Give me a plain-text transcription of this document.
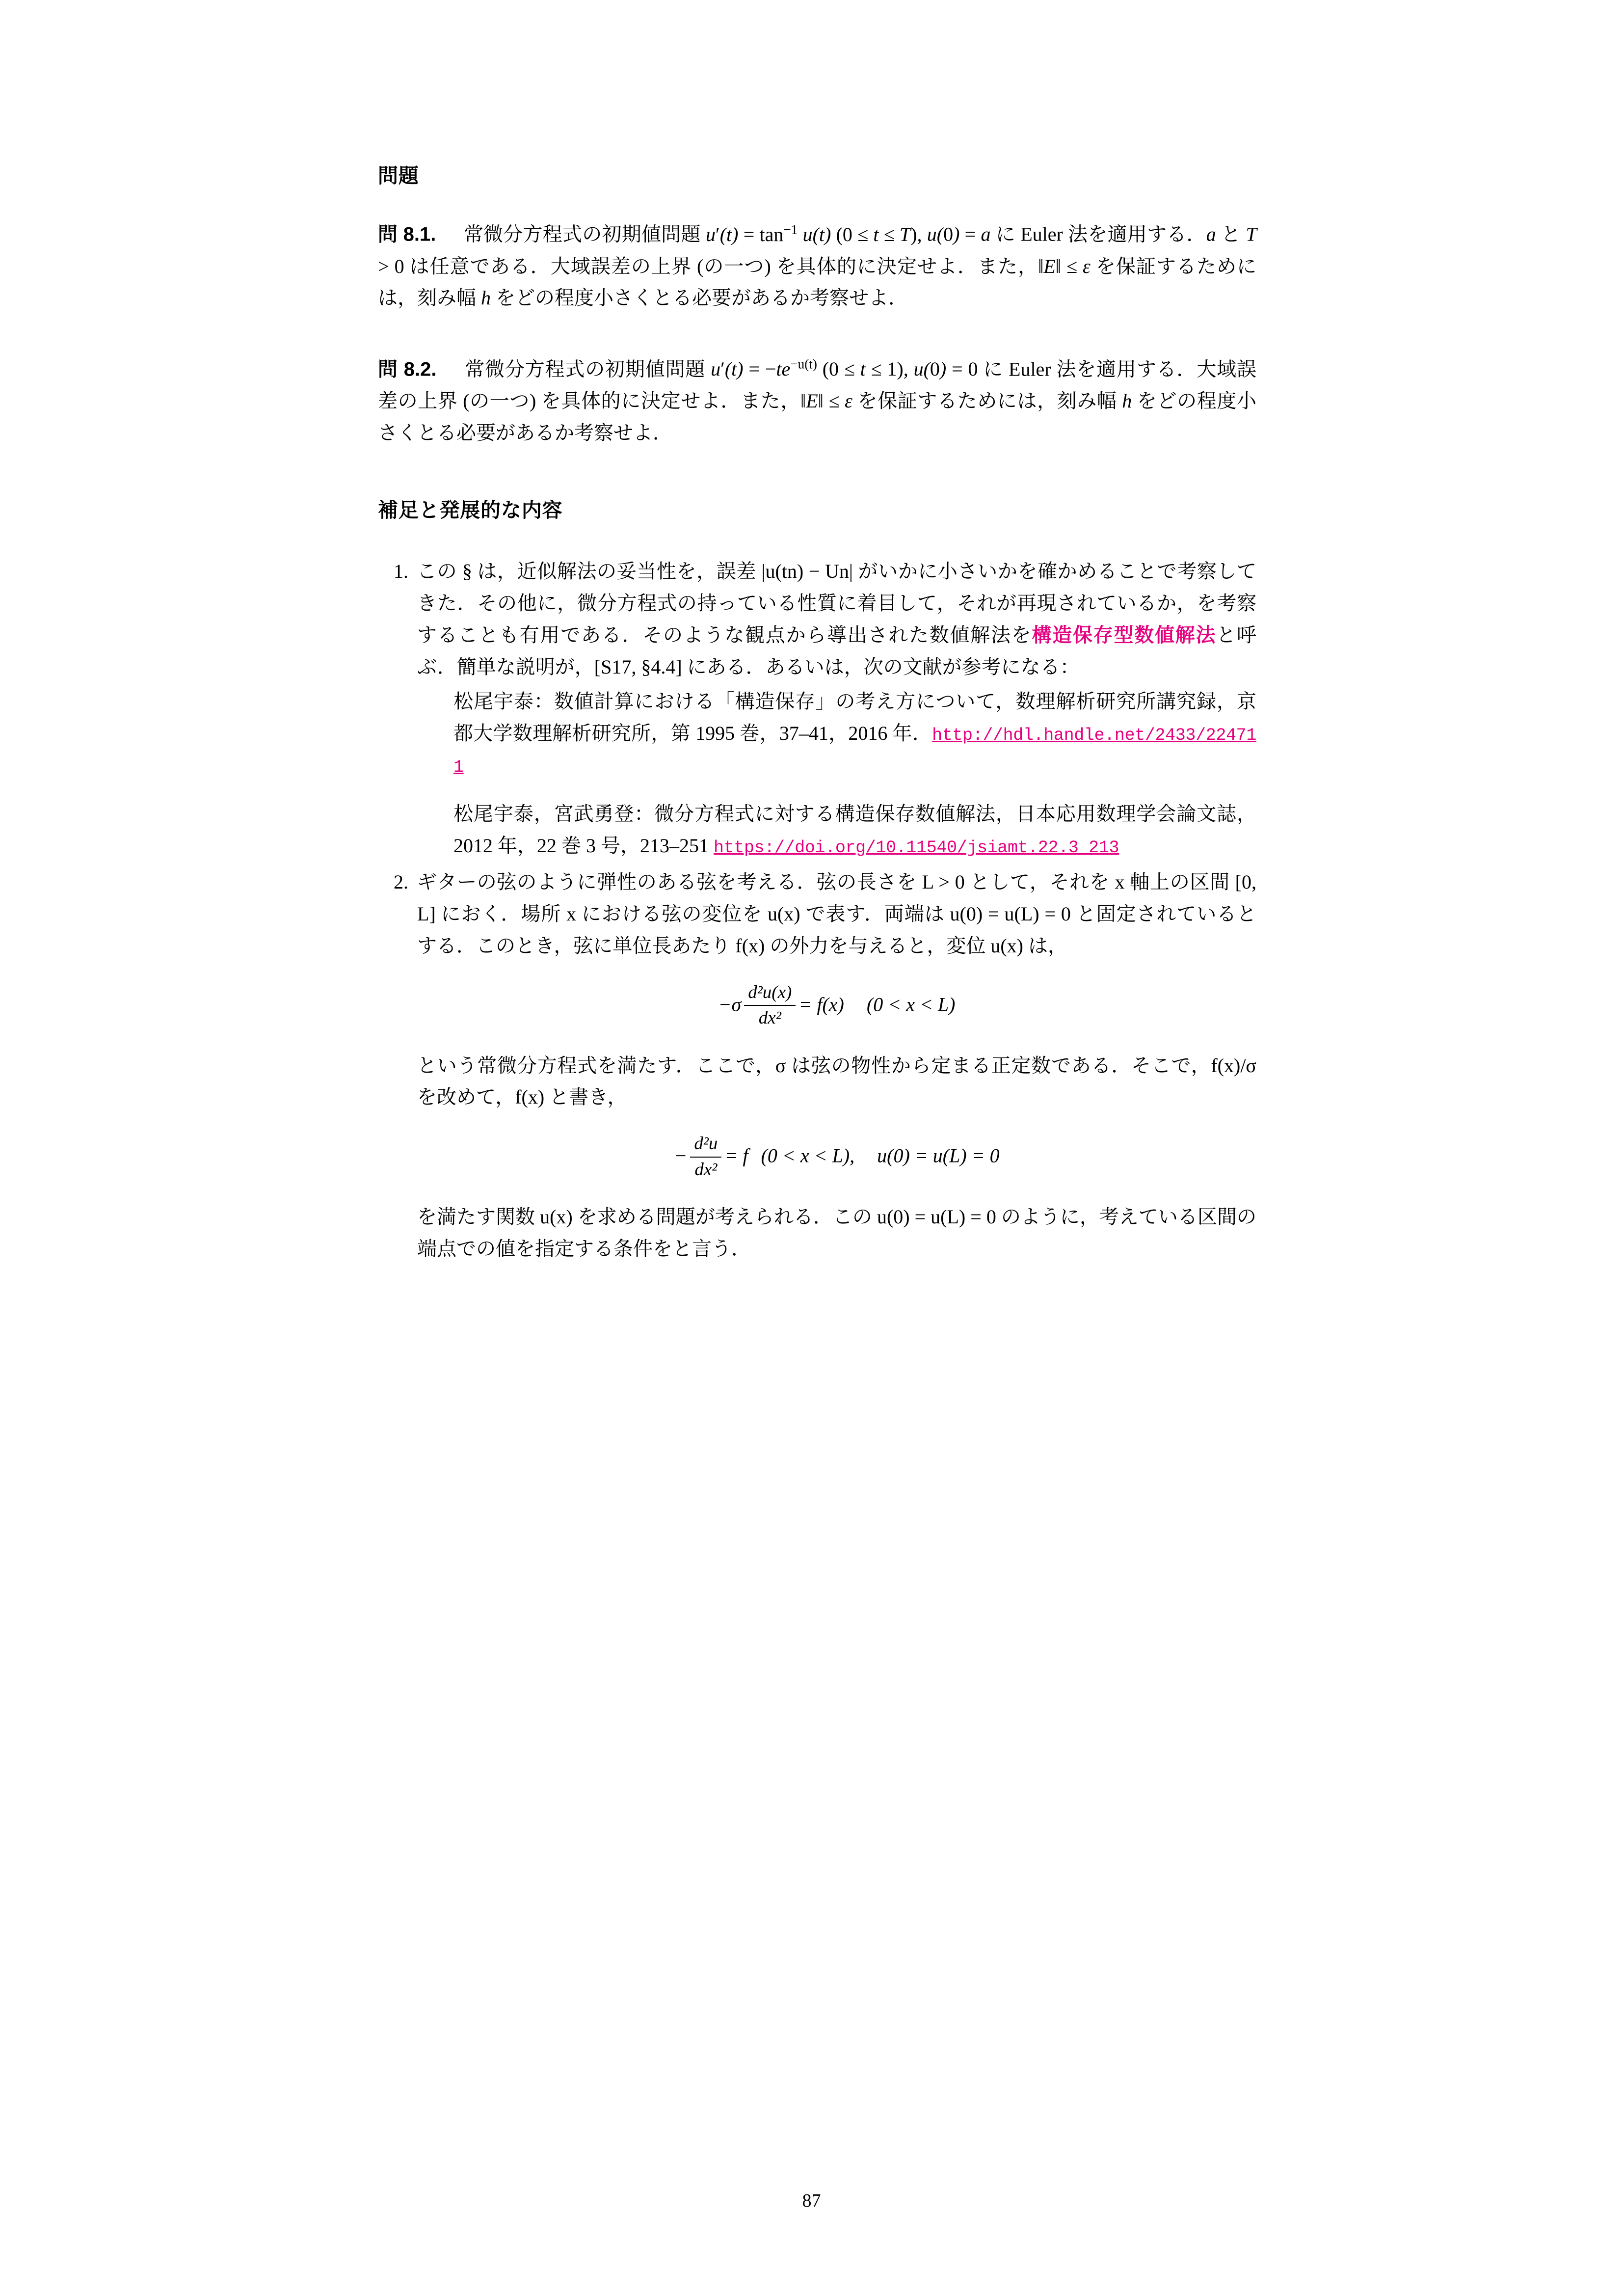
問題

問 8.1. 常微分方程式の初期値問題 $u'(t) = \tan^{-1} u(t) (0 \le t \le T)$, u(0) = a に Euler 法を適用する．a と T > 0 は任意である．大域誤差の上界 (の一つ) を具体的に決定せよ．また，‖E‖ ≤ ε を保証するためには，刻み幅 h をどの程度小さくとる必要があるか考察せよ．

問 8.2. 常微分方程式の初期値問題 $u'(t) = -te^{-u(t)}$ (0 ≤ t ≤ 1), u(0) = 0 に Euler 法を適用する．大域誤差の上界 (の一つ) を具体的に決定せよ．また，‖E‖ ≤ ε を保証するためには，刻み幅 h をどの程度小さくとる必要があるか考察せよ．

補足と発展的な内容
1. この § は，近似解法の妥当性を，誤差 |u(tn) − Un| がいかに小さいかを確かめることで考察してきた．その他に，微分方程式の持っている性質に着目して，それが再現されているか，を考察することも有用である．そのような観点から導出された数値解法を構造保存型数値解法と呼ぶ．簡単な説明が，[S17, §4.4] にある．あるいは，次の文献が参考になる：
松尾宇泰：数値計算における「構造保存」の考え方について，数理解析研究所講究録，京都大学数理解析研究所，第 1995 巻，37–41，2016 年．http://hdl.handle.net/2433/224711
松尾宇泰，宮武勇登：微分方程式に対する構造保存数値解法，日本応用数理学会論文誌，2012 年，22 巻 3 号，213–251 https://doi.org/10.11540/jsiamt.22.3_213
2. ギターの弦のように弾性のある弦を考える．弦の長さを L > 0 として，それを x 軸上の区間 [0, L] におく．場所 x における弦の変位を u(x) で表す．両端は u(0) = u(L) = 0 と固定されているとする．このとき，弦に単位長あたり f(x) の外力を与えると，変位 u(x) は，
$-\sigma \frac{\text{d²u(x)}}{\text{dx²}} = f(x) (0 < x < L)$
という常微分方程式を満たす．ここで，σ は弦の物性から定まる正定数である．そこで，f(x)/σ を改めて，f(x) と書き，
− $\frac{\text{d²u}}{\text{dx²}} = f$ (0 < x < L), u(0) = u(L) = 0
を満たす関数 u(x) を求める問題が考えられる．この u(0) = u(L) = 0 のように，考えている区間の端点での値を指定する条件をと言う．
87
